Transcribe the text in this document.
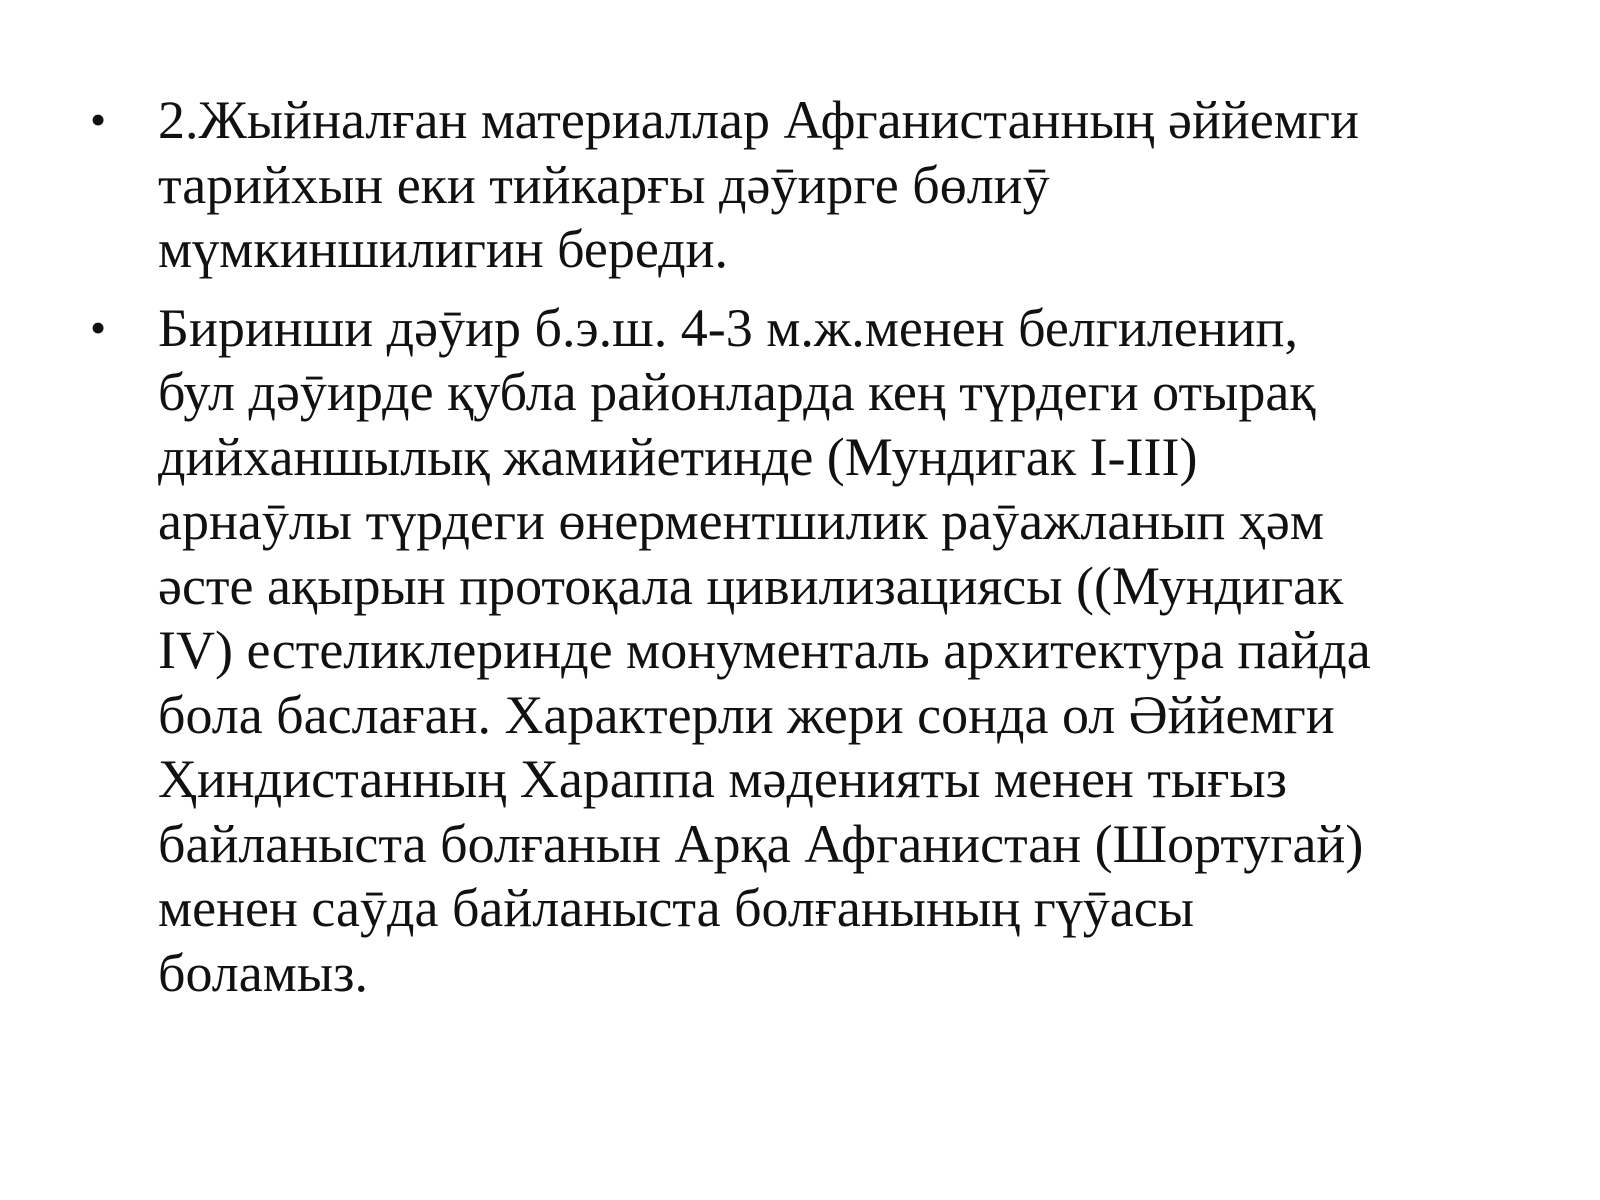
• 2.Жыйналған материаллар Афганистанның әййемги
тарийхын еки тийкарғы дәӯирге бөлиӯ
мүмкиншилигин береди.
• Биринши дәӯир б.э.ш. 4-3 м.ж.менен белгиленип,
бул дәӯирде қубла районларда кең түрдеги отырақ
дийханшылық жамийетинде (Мундигак I-III)
арнаӯлы түрдеги өнерментшилик раӯажланып ҳәм
әсте ақырын протоқала цивилизациясы ((Мундигак
IV) естеликлеринде монументаль архитектура пайда
бола баслаған. Характерли жери сонда ол Әййемги
Ҳиндистанның Хараппа мәденияты менен тығыз
байланыста болғанын Арқа Афганистан (Шортугай)
менен саӯда байланыста болғанының гүӯасы
боламыз.
